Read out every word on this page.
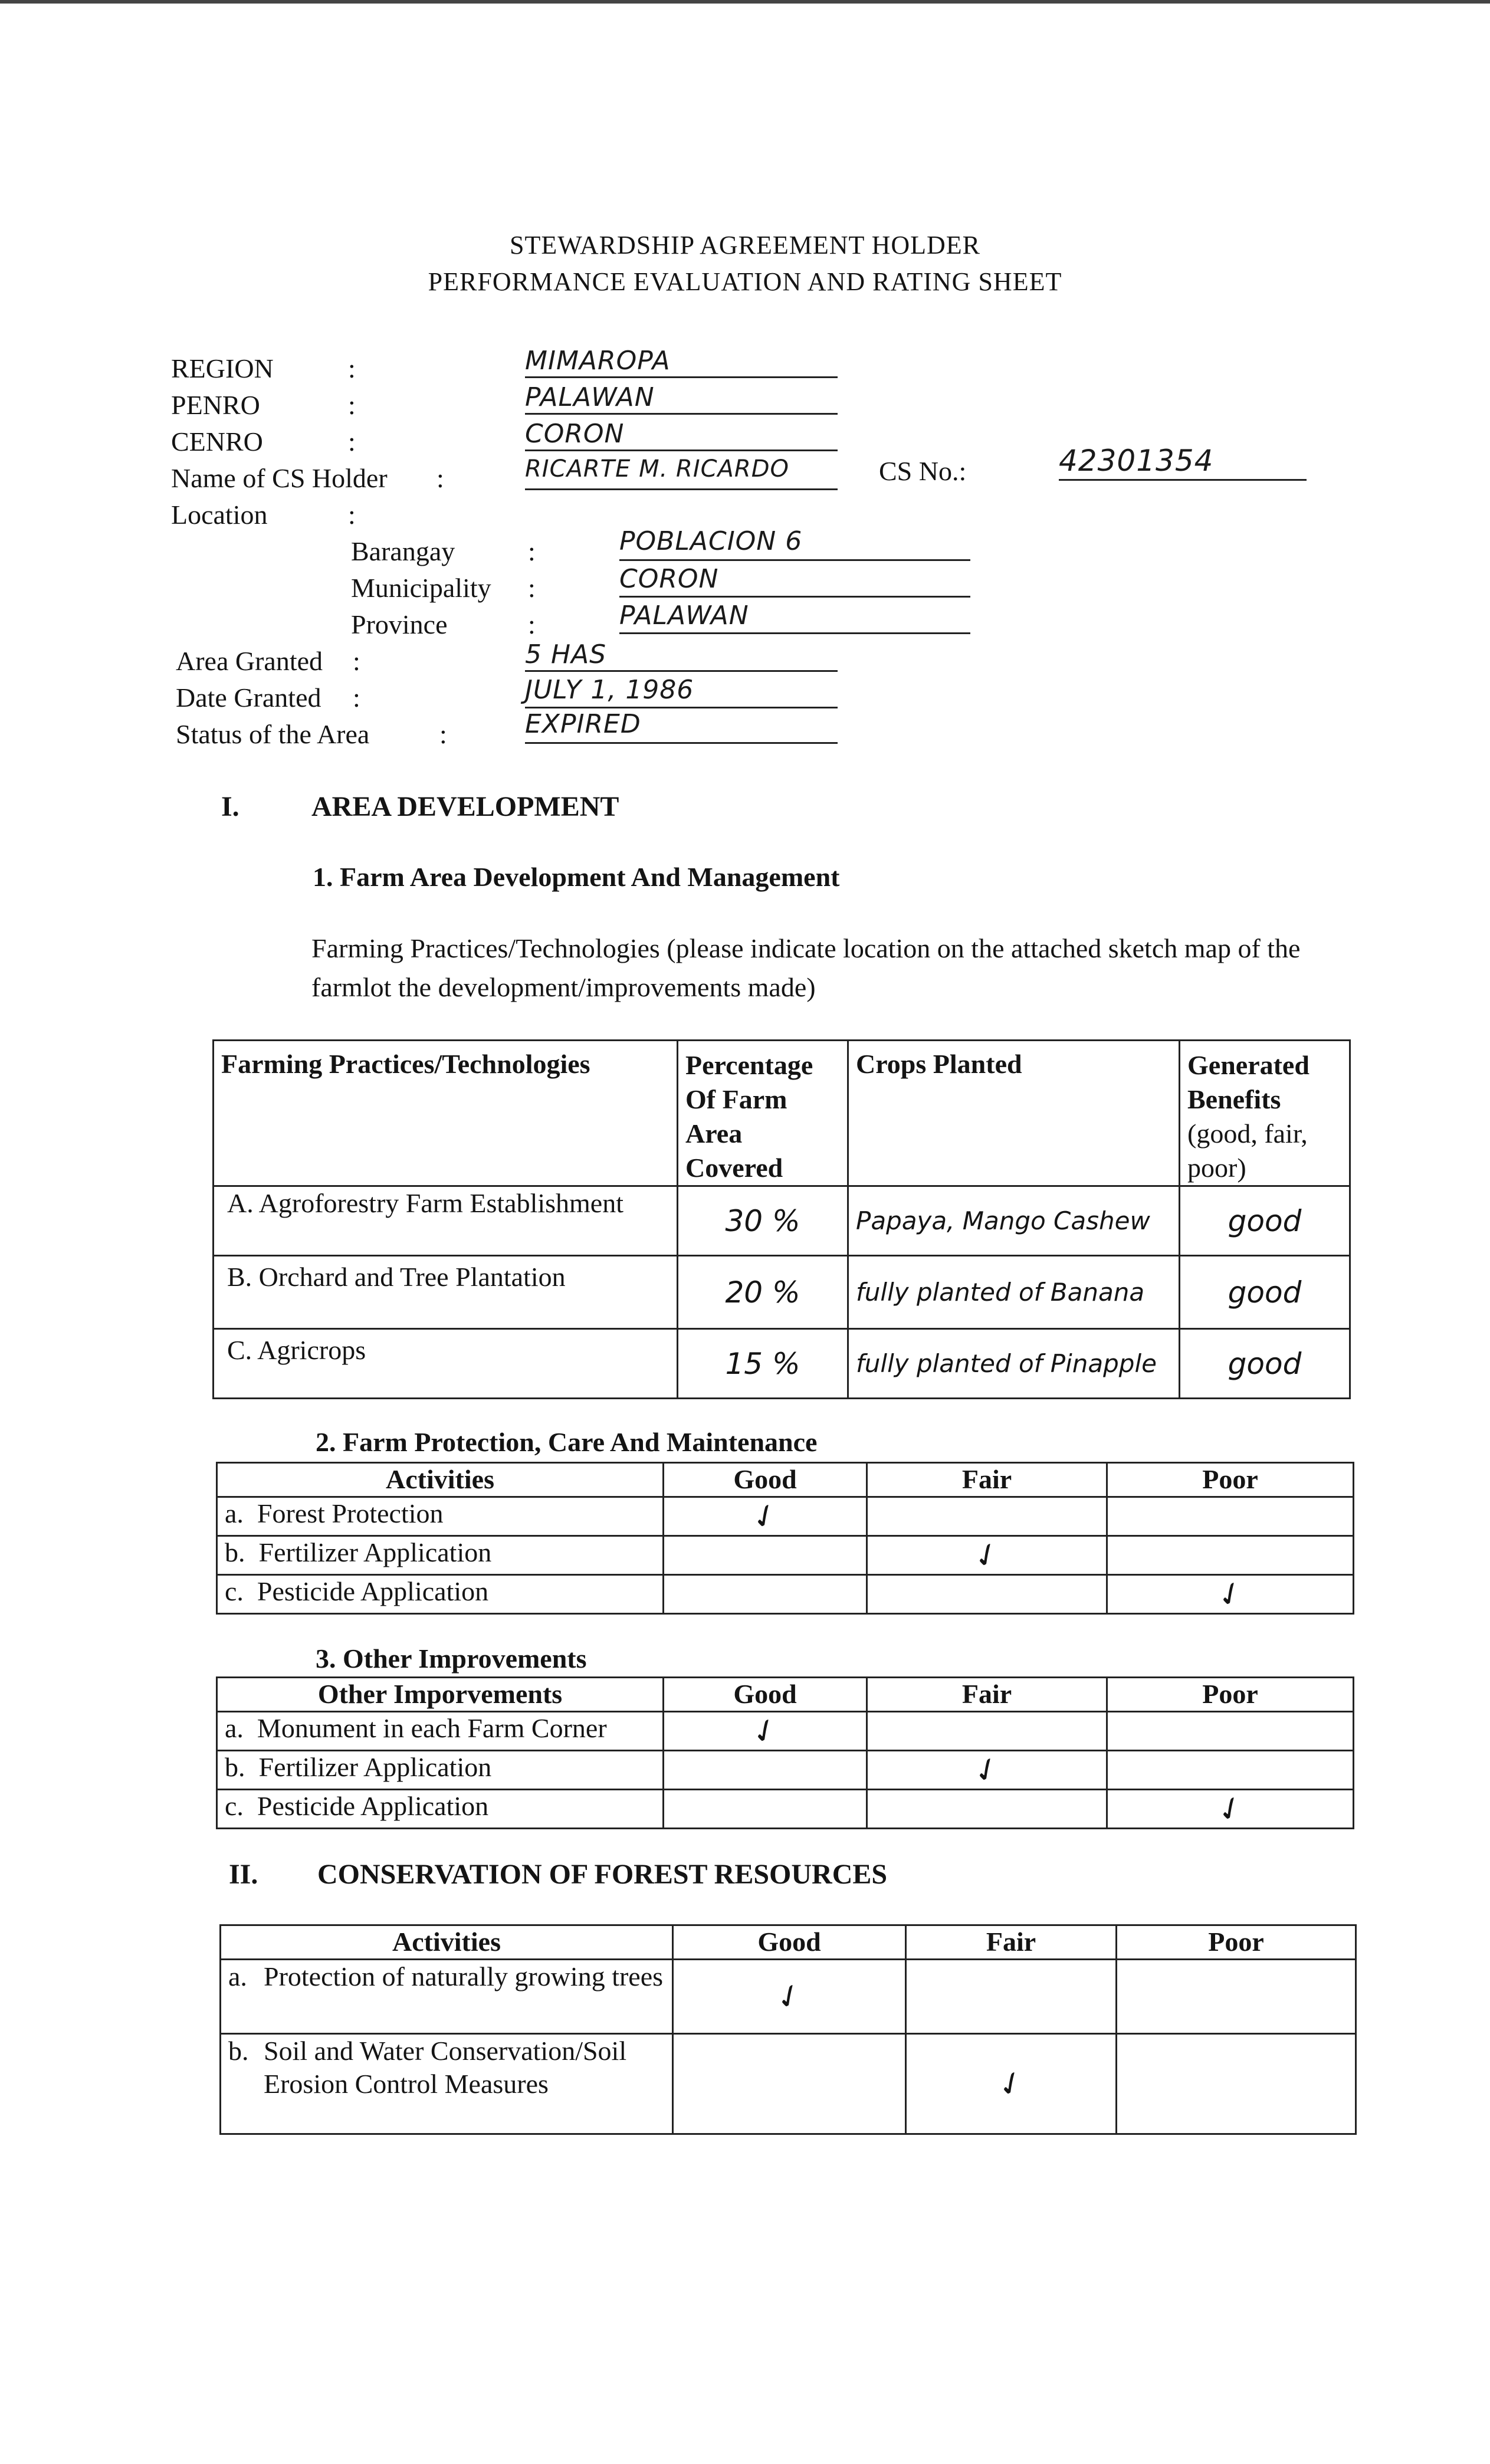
STEWARDSHIP AGREEMENT HOLDER
PERFORMANCE EVALUATION AND RATING SHEET
REGION	:	MIMAROPA
PENRO	:	PALAWAN
CENRO	:	CORON
Name of CS Holder :	RICARTE M. RICARDO	CS No.:	42301354
Location	:
Barangay	:	POBLACION 6
Municipality :	CORON
Province	:	PALAWAN
Area Granted :	5 HAS
Date Granted :	JULY 1, 1986
Status of the Area	:	EXPIRED
I.	AREA DEVELOPMENT
1. Farm Area Development And Management
Farming Practices/Technologies (please indicate location on the attached sketch map of the farmlot the development/improvements made)
Farming Practices/Technologies	Percentage Of Farm Area Covered	Crops Planted	Generated Benefits
(good, fair, poor)
A. Agroforestry Farm Establishment	30 %	Papaya, Mango Cashew	good
B. Orchard and Tree Plantation	20 %	fully planted of Banana	good
C. Agricrops	15 %	fully planted of Pinapple	good
2. Farm Protection, Care And Maintenance
Activities	Good	Fair	Poor
a. Forest Protection	✓		
b. Fertilizer Application		✓	
c. Pesticide Application			✓
3. Other Improvements
Other Imporvements	Good	Fair	Poor
a. Monument in each Farm Corner	✓		
b. Fertilizer Application		✓	
c. Pesticide Application			✓
II. CONSERVATION OF FOREST RESOURCES
Activities	Good	Fair	Poor

a. Protection of naturally growing trees	✓		

b. Soil and Water Conservation/Soil Erosion Control Measures		✓	
